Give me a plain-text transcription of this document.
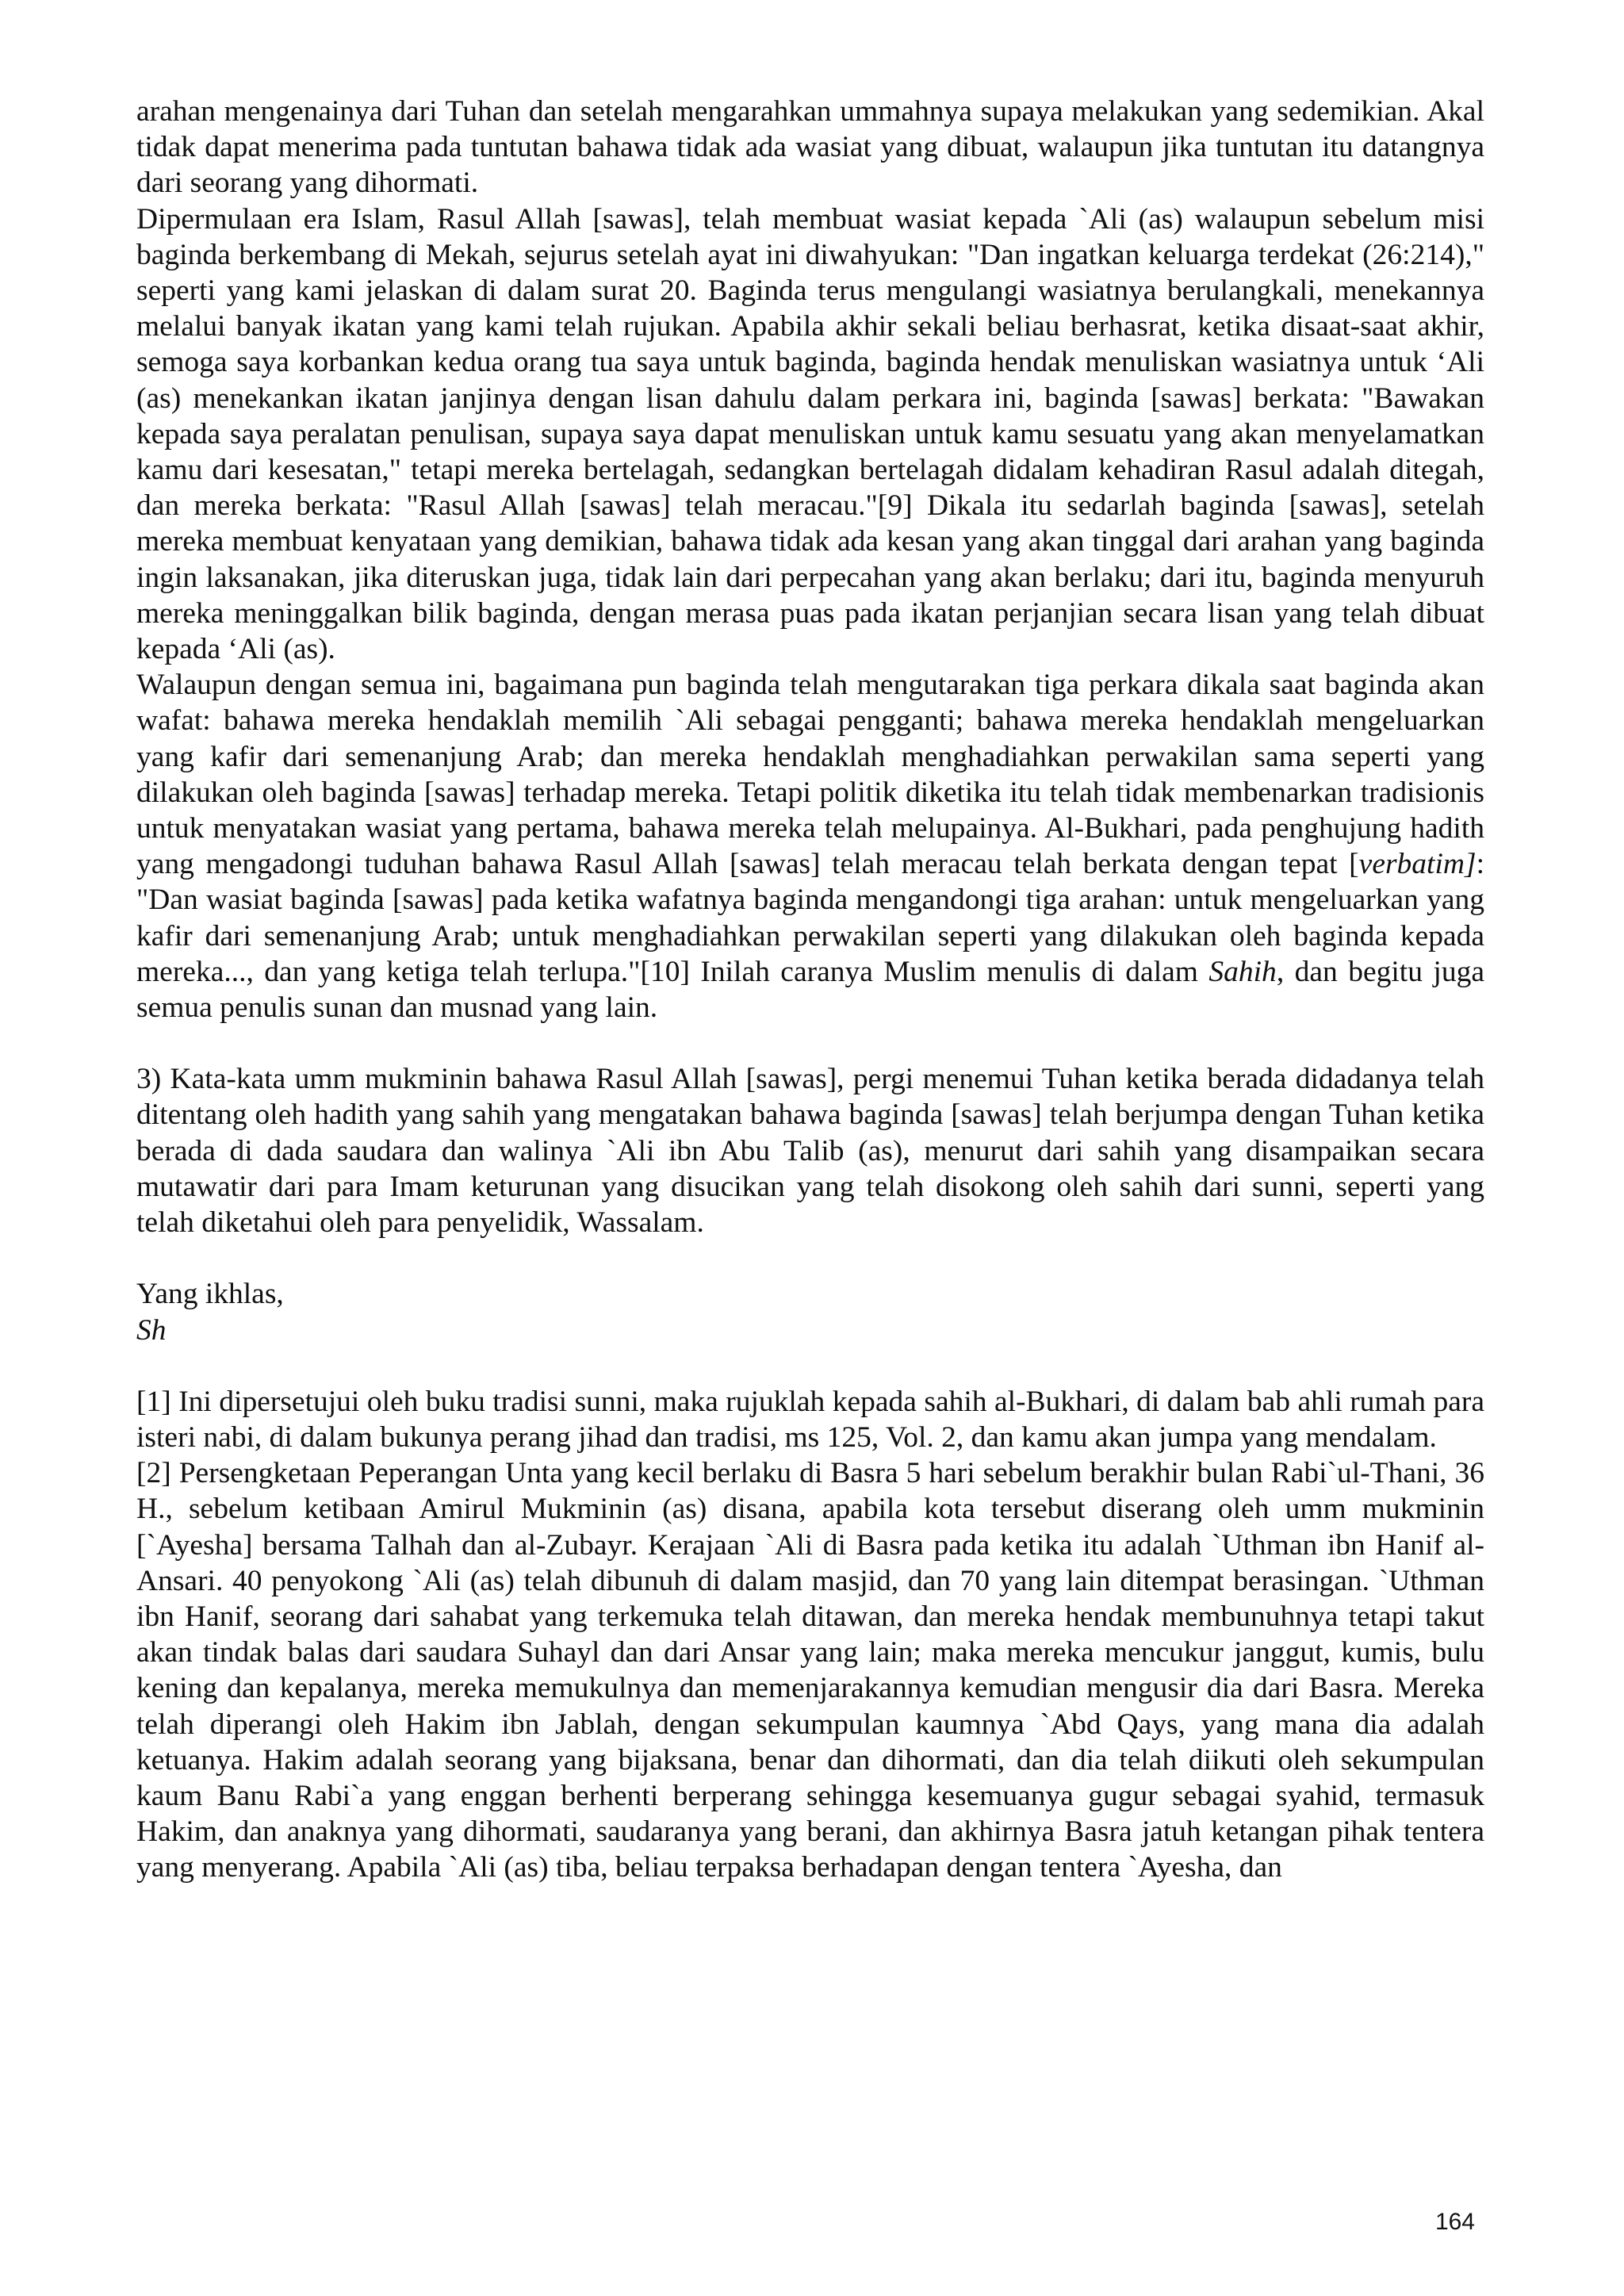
arahan mengenainya dari Tuhan dan setelah mengarahkan ummahnya supaya melakukan yang sedemikian. Akal tidak dapat menerima pada tuntutan bahawa tidak ada wasiat yang dibuat, walaupun jika tuntutan itu datangnya dari seorang yang dihormati.

Dipermulaan era Islam, Rasul Allah [sawas], telah membuat wasiat kepada `Ali (as) walaupun sebelum misi baginda berkembang di Mekah, sejurus setelah ayat ini diwahyukan: "Dan ingatkan keluarga terdekat (26:214)," seperti yang kami jelaskan di dalam surat 20. Baginda terus mengulangi wasiatnya berulangkali, menekannya melalui banyak ikatan yang kami telah rujukan. Apabila akhir sekali beliau berhasrat, ketika disaat-saat akhir, semoga saya korbankan kedua orang tua saya untuk baginda, baginda hendak menuliskan wasiatnya untuk ‘Ali (as) menekankan ikatan janjinya dengan lisan dahulu dalam perkara ini, baginda [sawas] berkata: "Bawakan kepada saya peralatan penulisan, supaya saya dapat menuliskan untuk kamu sesuatu yang akan menyelamatkan kamu dari kesesatan," tetapi mereka bertelagah, sedangkan bertelagah didalam kehadiran Rasul adalah ditegah, dan mereka berkata: "Rasul Allah [sawas] telah meracau."[9] Dikala itu sedarlah baginda [sawas], setelah mereka membuat kenyataan yang demikian, bahawa tidak ada kesan yang akan tinggal dari arahan yang baginda ingin laksanakan, jika diteruskan juga, tidak lain dari perpecahan yang akan berlaku; dari itu, baginda menyuruh mereka meninggalkan bilik baginda, dengan merasa puas pada ikatan perjanjian secara lisan yang telah dibuat kepada ‘Ali (as).

Walaupun dengan semua ini, bagaimana pun baginda telah mengutarakan tiga perkara dikala saat baginda akan wafat: bahawa mereka hendaklah memilih `Ali sebagai pengganti; bahawa mereka hendaklah mengeluarkan yang kafir dari semenanjung Arab; dan mereka hendaklah menghadiahkan perwakilan sama seperti yang dilakukan oleh baginda [sawas] terhadap mereka. Tetapi politik diketika itu telah tidak membenarkan tradisionis untuk menyatakan wasiat yang pertama, bahawa mereka telah melupainya. Al-Bukhari, pada penghujung hadith yang mengadongi tuduhan bahawa Rasul Allah [sawas] telah meracau telah berkata dengan tepat [verbatim]: "Dan wasiat baginda [sawas] pada ketika wafatnya baginda mengandongi tiga arahan: untuk mengeluarkan yang kafir dari semenanjung Arab; untuk menghadiahkan perwakilan seperti yang dilakukan oleh baginda kepada mereka..., dan yang ketiga telah terlupa."[10] Inilah caranya Muslim menulis di dalam Sahih, dan begitu juga semua penulis sunan dan musnad yang lain.

3) Kata-kata umm mukminin bahawa Rasul Allah [sawas], pergi menemui Tuhan ketika berada didadanya telah ditentang oleh hadith yang sahih yang mengatakan bahawa baginda [sawas] telah berjumpa dengan Tuhan ketika berada di dada saudara dan walinya `Ali ibn Abu Talib (as), menurut dari sahih yang disampaikan secara mutawatir dari para Imam keturunan yang disucikan yang telah disokong oleh sahih dari sunni, seperti yang telah diketahui oleh para penyelidik, Wassalam.

Yang ikhlas,

Sh

[1] Ini dipersetujui oleh buku tradisi sunni, maka rujuklah kepada sahih al-Bukhari, di dalam bab ahli rumah para isteri nabi, di dalam bukunya perang jihad dan tradisi, ms 125, Vol. 2, dan kamu akan jumpa yang mendalam.

[2] Persengketaan Peperangan Unta yang kecil berlaku di Basra 5 hari sebelum berakhir bulan Rabi`ul-Thani, 36 H., sebelum ketibaan Amirul Mukminin (as) disana, apabila kota tersebut diserang oleh umm mukminin [`Ayesha] bersama Talhah dan al-Zubayr. Kerajaan `Ali di Basra pada ketika itu adalah `Uthman ibn Hanif al-Ansari. 40 penyokong `Ali (as) telah dibunuh di dalam masjid, dan 70 yang lain ditempat berasingan. `Uthman ibn Hanif, seorang dari sahabat yang terkemuka telah ditawan, dan mereka hendak membunuhnya tetapi takut akan tindak balas dari saudara Suhayl dan dari Ansar yang lain; maka mereka mencukur janggut, kumis, bulu kening dan kepalanya, mereka memukulnya dan memenjarakannya kemudian mengusir dia dari Basra. Mereka telah diperangi oleh Hakim ibn Jablah, dengan sekumpulan kaumnya `Abd Qays, yang mana dia adalah ketuanya. Hakim adalah seorang yang bijaksana, benar dan dihormati, dan dia telah diikuti oleh sekumpulan kaum Banu Rabi`a yang enggan berhenti berperang sehingga kesemuanya gugur sebagai syahid, termasuk Hakim, dan anaknya yang dihormati, saudaranya yang berani, dan akhirnya Basra jatuh ketangan pihak tentera yang menyerang. Apabila `Ali (as) tiba, beliau terpaksa berhadapan dengan tentera `Ayesha, dan

164
